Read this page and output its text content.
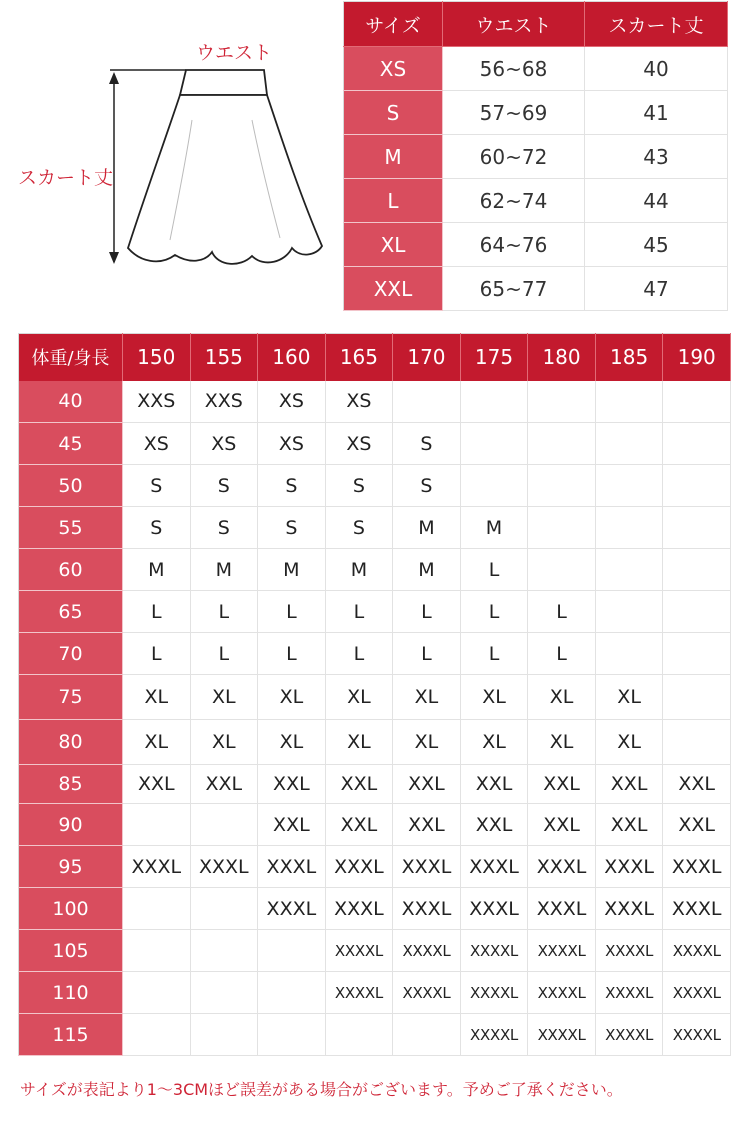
ウエスト
スカート丈
サイズ	ウエスト	スカート丈
XS	56~68	40
S	57~69	41
M	60~72	43
L	62~74	44
XL	64~76	45
XXL	65~77	47
体重/身長	150	155	160	165	170	175	180	185	190
40	XXS	XXS	XS	XS					
45	XS	XS	XS	XS	S				
50	S	S	S	S	S				
55	S	S	S	S	M	M			
60	M	M	M	M	M	L			
65	L	L	L	L	L	L	L		
70	L	L	L	L	L	L	L		
75	XL	XL	XL	XL	XL	XL	XL	XL	
80	XL	XL	XL	XL	XL	XL	XL	XL	
85	XXL	XXL	XXL	XXL	XXL	XXL	XXL	XXL	XXL
90			XXL	XXL	XXL	XXL	XXL	XXL	XXL
95	XXXL	XXXL	XXXL	XXXL	XXXL	XXXL	XXXL	XXXL	XXXL
100			XXXL	XXXL	XXXL	XXXL	XXXL	XXXL	XXXL
105				XXXXL	XXXXL	XXXXL	XXXXL	XXXXL	XXXXL
110				XXXXL	XXXXL	XXXXL	XXXXL	XXXXL	XXXXL
115						XXXXL	XXXXL	XXXXL	XXXXL
サイズが表記より1～3CMほど誤差がある場合がございます。予めご了承ください。
